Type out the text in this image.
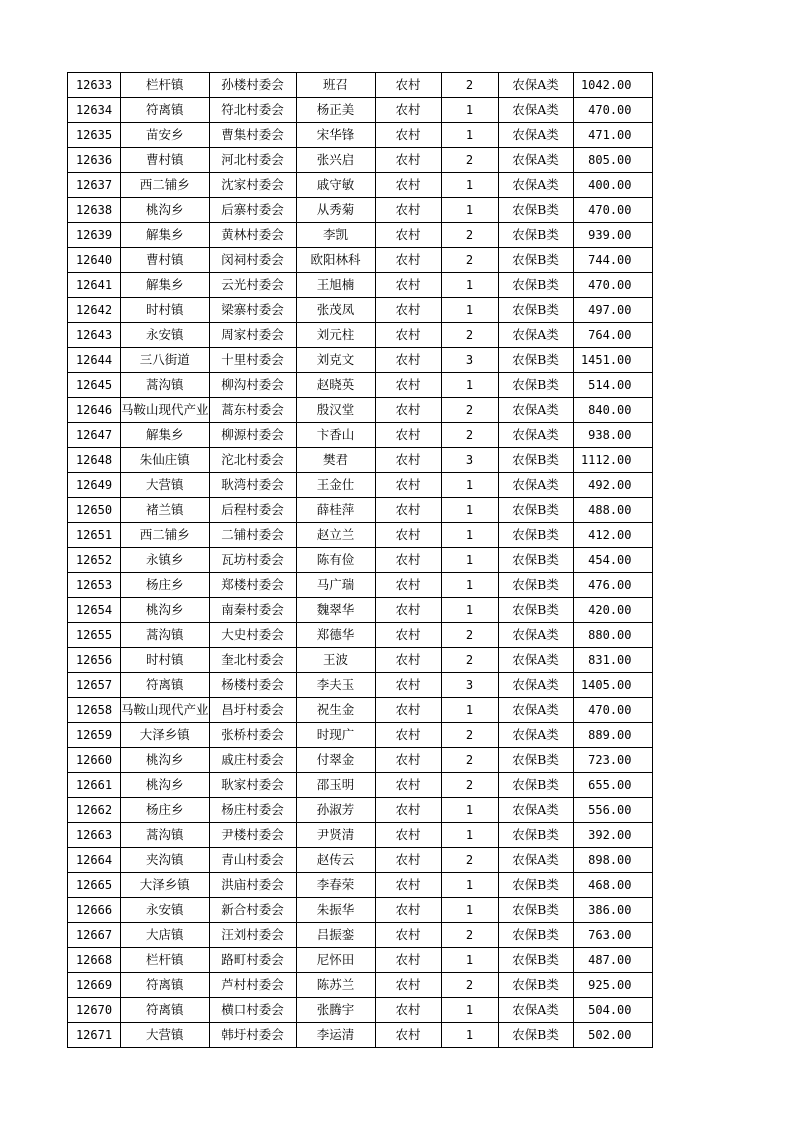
12633	栏杆镇	孙楼村委会	班召	农村	2	农保A类	1042.00
12634	符离镇	符北村委会	杨正美	农村	1	农保A类	470.00
12635	苗安乡	曹集村委会	宋华锋	农村	1	农保A类	471.00
12636	曹村镇	河北村委会	张兴启	农村	2	农保A类	805.00
12637	西二铺乡	沈家村委会	戚守敏	农村	1	农保A类	400.00
12638	桃沟乡	后寨村委会	从秀菊	农村	1	农保B类	470.00
12639	解集乡	黄林村委会	李凯	农村	2	农保B类	939.00
12640	曹村镇	闵祠村委会	欧阳林科	农村	2	农保B类	744.00
12641	解集乡	云光村委会	王旭楠	农村	1	农保B类	470.00
12642	时村镇	梁寨村委会	张茂凤	农村	1	农保B类	497.00
12643	永安镇	周家村委会	刘元柱	农村	2	农保A类	764.00
12644	三八街道	十里村委会	刘克文	农村	3	农保B类	1451.00
12645	蒿沟镇	柳沟村委会	赵晓英	农村	1	农保B类	514.00
12646	马鞍山现代产业	蒿东村委会	殷汉堂	农村	2	农保A类	840.00
12647	解集乡	柳源村委会	卞香山	农村	2	农保A类	938.00
12648	朱仙庄镇	沱北村委会	樊君	农村	3	农保B类	1112.00
12649	大营镇	耿湾村委会	王金仕	农村	1	农保A类	492.00
12650	褚兰镇	后程村委会	薛桂萍	农村	1	农保B类	488.00
12651	西二铺乡	二铺村委会	赵立兰	农村	1	农保B类	412.00
12652	永镇乡	瓦坊村委会	陈有俭	农村	1	农保B类	454.00
12653	杨庄乡	郑楼村委会	马广瑞	农村	1	农保B类	476.00
12654	桃沟乡	南秦村委会	魏翠华	农村	1	农保B类	420.00
12655	蒿沟镇	大史村委会	郑德华	农村	2	农保A类	880.00
12656	时村镇	奎北村委会	王波	农村	2	农保A类	831.00
12657	符离镇	杨楼村委会	李夫玉	农村	3	农保A类	1405.00
12658	马鞍山现代产业	昌圩村委会	祝生金	农村	1	农保A类	470.00
12659	大泽乡镇	张桥村委会	时现广	农村	2	农保A类	889.00
12660	桃沟乡	戚庄村委会	付翠金	农村	2	农保B类	723.00
12661	桃沟乡	耿家村委会	邵玉明	农村	2	农保B类	655.00
12662	杨庄乡	杨庄村委会	孙淑芳	农村	1	农保A类	556.00
12663	蒿沟镇	尹楼村委会	尹贤清	农村	1	农保B类	392.00
12664	夹沟镇	青山村委会	赵传云	农村	2	农保A类	898.00
12665	大泽乡镇	洪庙村委会	李春荣	农村	1	农保B类	468.00
12666	永安镇	新合村委会	朱振华	农村	1	农保B类	386.00
12667	大店镇	汪刘村委会	吕振銮	农村	2	农保B类	763.00
12668	栏杆镇	路町村委会	尼怀田	农村	1	农保B类	487.00
12669	符离镇	芦村村委会	陈苏兰	农村	2	农保B类	925.00
12670	符离镇	横口村委会	张腾宇	农村	1	农保A类	504.00
12671	大营镇	韩圩村委会	李运清	农村	1	农保B类	502.00
